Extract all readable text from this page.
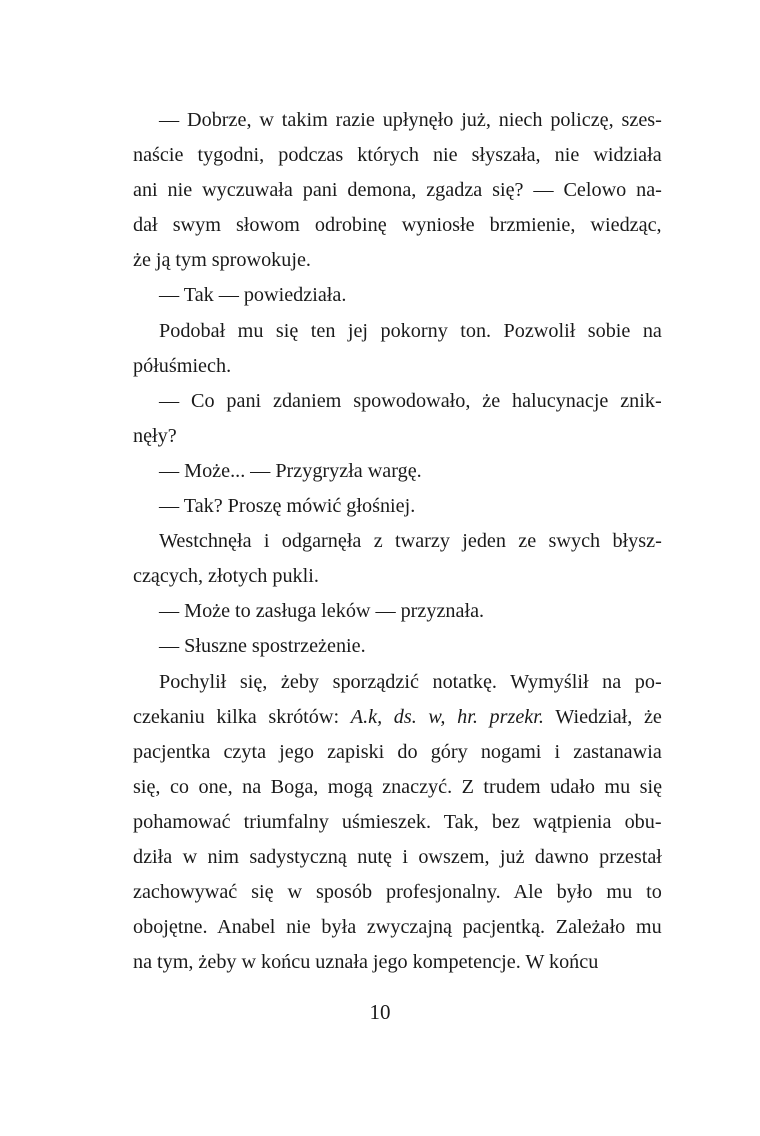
— Dobrze, w takim razie upłynęło już, niech policzę, szes-
naście tygodni, podczas których nie słyszała, nie widziała
ani nie wyczuwała pani demona, zgadza się? — Celowo na-
dał swym słowom odrobinę wyniosłe brzmienie, wiedząc,
że ją tym sprowokuje.

— Tak — powiedziała.

Podobał mu się ten jej pokorny ton. Pozwolił sobie na
półuśmiech.

— Co pani zdaniem spowodowało, że halucynacje znik-
nęły?

— Może... — Przygryzła wargę.

— Tak? Proszę mówić głośniej.

Westchnęła i odgarnęła z twarzy jeden ze swych błysz-
czących, złotych pukli.

— Może to zasługa leków — przyznała.

— Słuszne spostrzeżenie.

Pochylił się, żeby sporządzić notatkę. Wymyślił na po-
czekaniu kilka skrótów: A.k, ds. w, hr. przekr. Wiedział, że
pacjentka czyta jego zapiski do góry nogami i zastanawia
się, co one, na Boga, mogą znaczyć. Z trudem udało mu się
pohamować triumfalny uśmieszek. Tak, bez wątpienia obu-
dziła w nim sadystyczną nutę i owszem, już dawno przestał
zachowywać się w sposób profesjonalny. Ale było mu to
obojętne. Anabel nie była zwyczajną pacjentką. Zależało mu
na tym, żeby w końcu uznała jego kompetencje. W końcu

10
